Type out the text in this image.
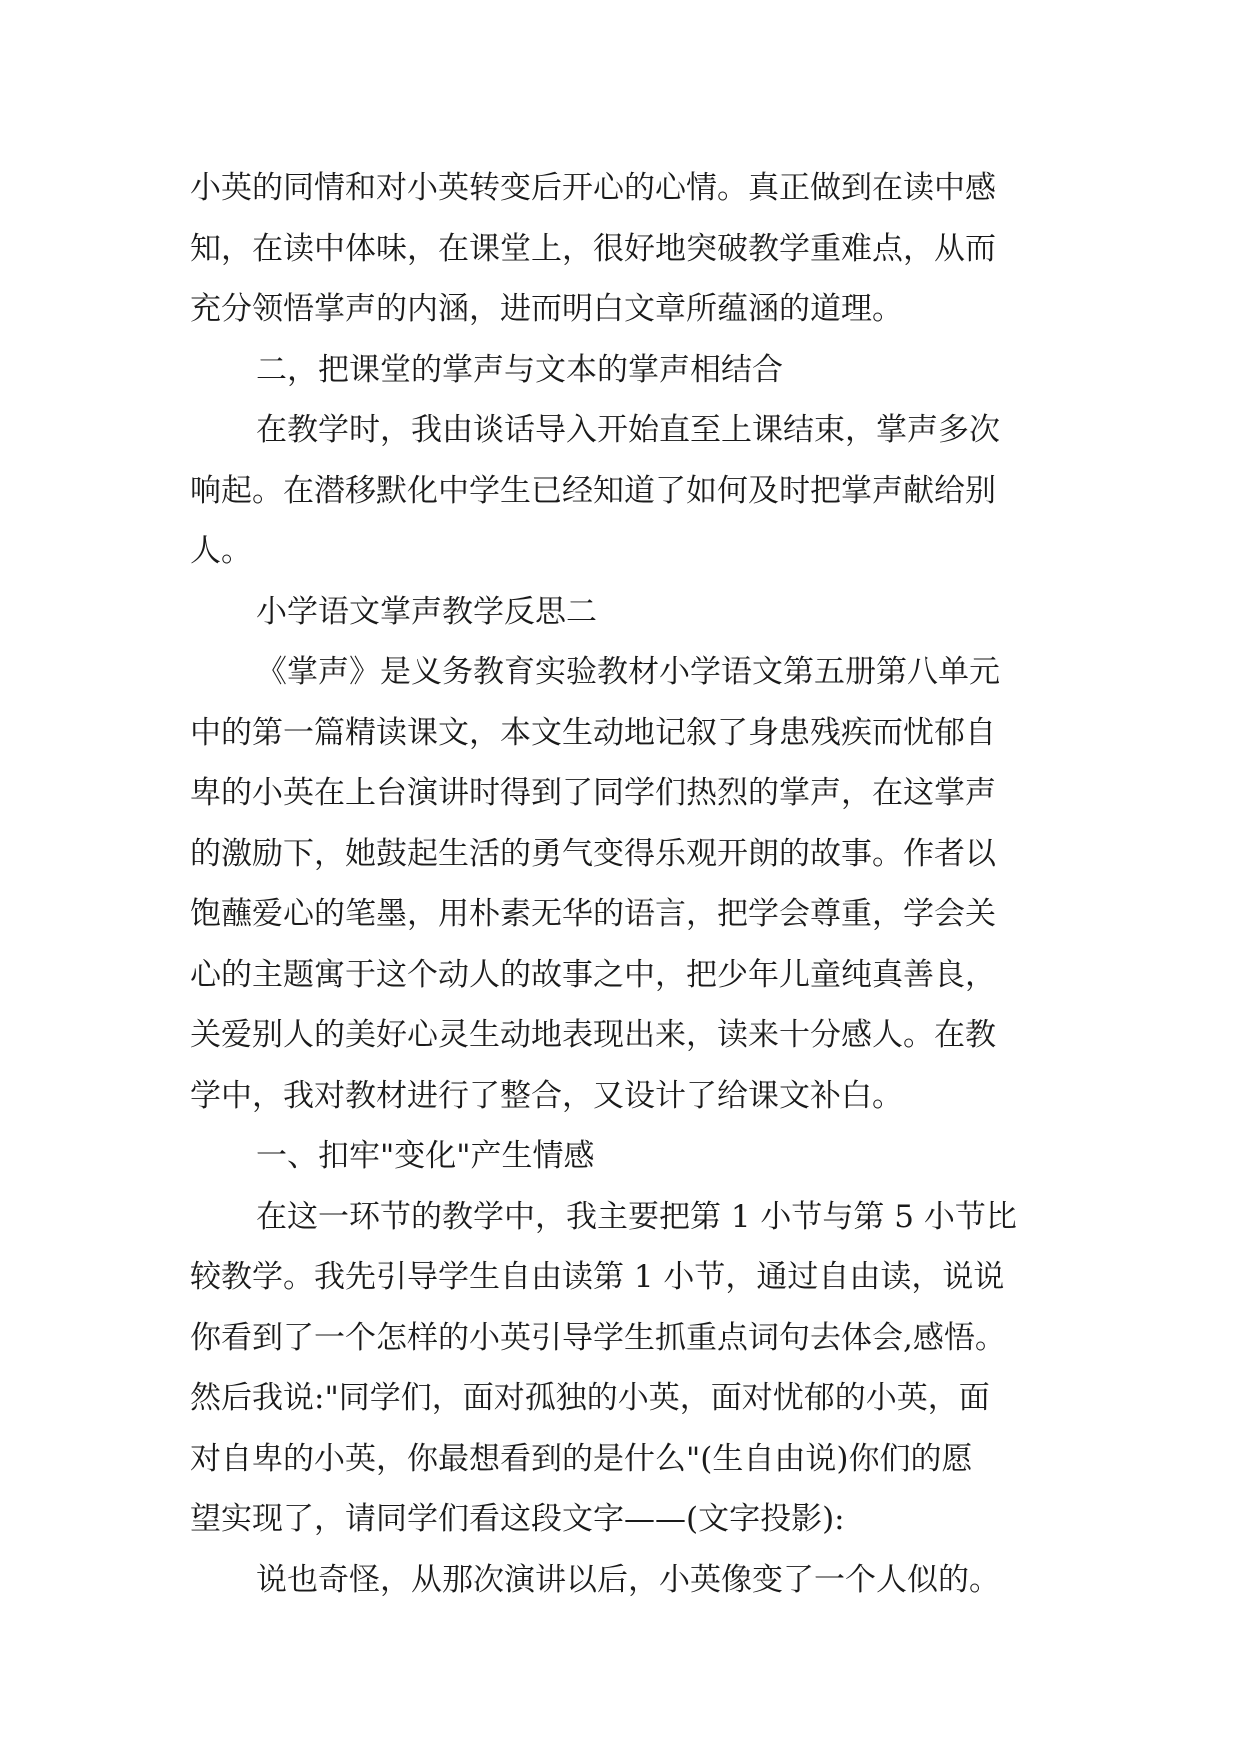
小英的同情和对小英转变后开心的心情。真正做到在读中感
知，在读中体味，在课堂上，很好地突破教学重难点，从而
充分领悟掌声的内涵，进而明白文章所蕴涵的道理。
二，把课堂的掌声与文本的掌声相结合
在教学时，我由谈话导入开始直至上课结束，掌声多次
响起。在潜移默化中学生已经知道了如何及时把掌声献给别
人。
小学语文掌声教学反思二
《掌声》是义务教育实验教材小学语文第五册第八单元
中的第一篇精读课文，本文生动地记叙了身患残疾而忧郁自
卑的小英在上台演讲时得到了同学们热烈的掌声，在这掌声
的激励下，她鼓起生活的勇气变得乐观开朗的故事。作者以
饱蘸爱心的笔墨，用朴素无华的语言，把学会尊重，学会关
心的主题寓于这个动人的故事之中，把少年儿童纯真善良，
关爱别人的美好心灵生动地表现出来，读来十分感人。在教
学中，我对教材进行了整合，又设计了给课文补白。
一、扣牢"变化"产生情感
在这一环节的教学中，我主要把第 1 小节与第 5 小节比
较教学。我先引导学生自由读第 1 小节，通过自由读，说说
你看到了一个怎样的小英引导学生抓重点词句去体会,感悟。
然后我说:"同学们，面对孤独的小英，面对忧郁的小英，面
对自卑的小英，你最想看到的是什么"(生自由说)你们的愿
望实现了，请同学们看这段文字——(文字投影):
说也奇怪，从那次演讲以后，小英像变了一个人似的。
